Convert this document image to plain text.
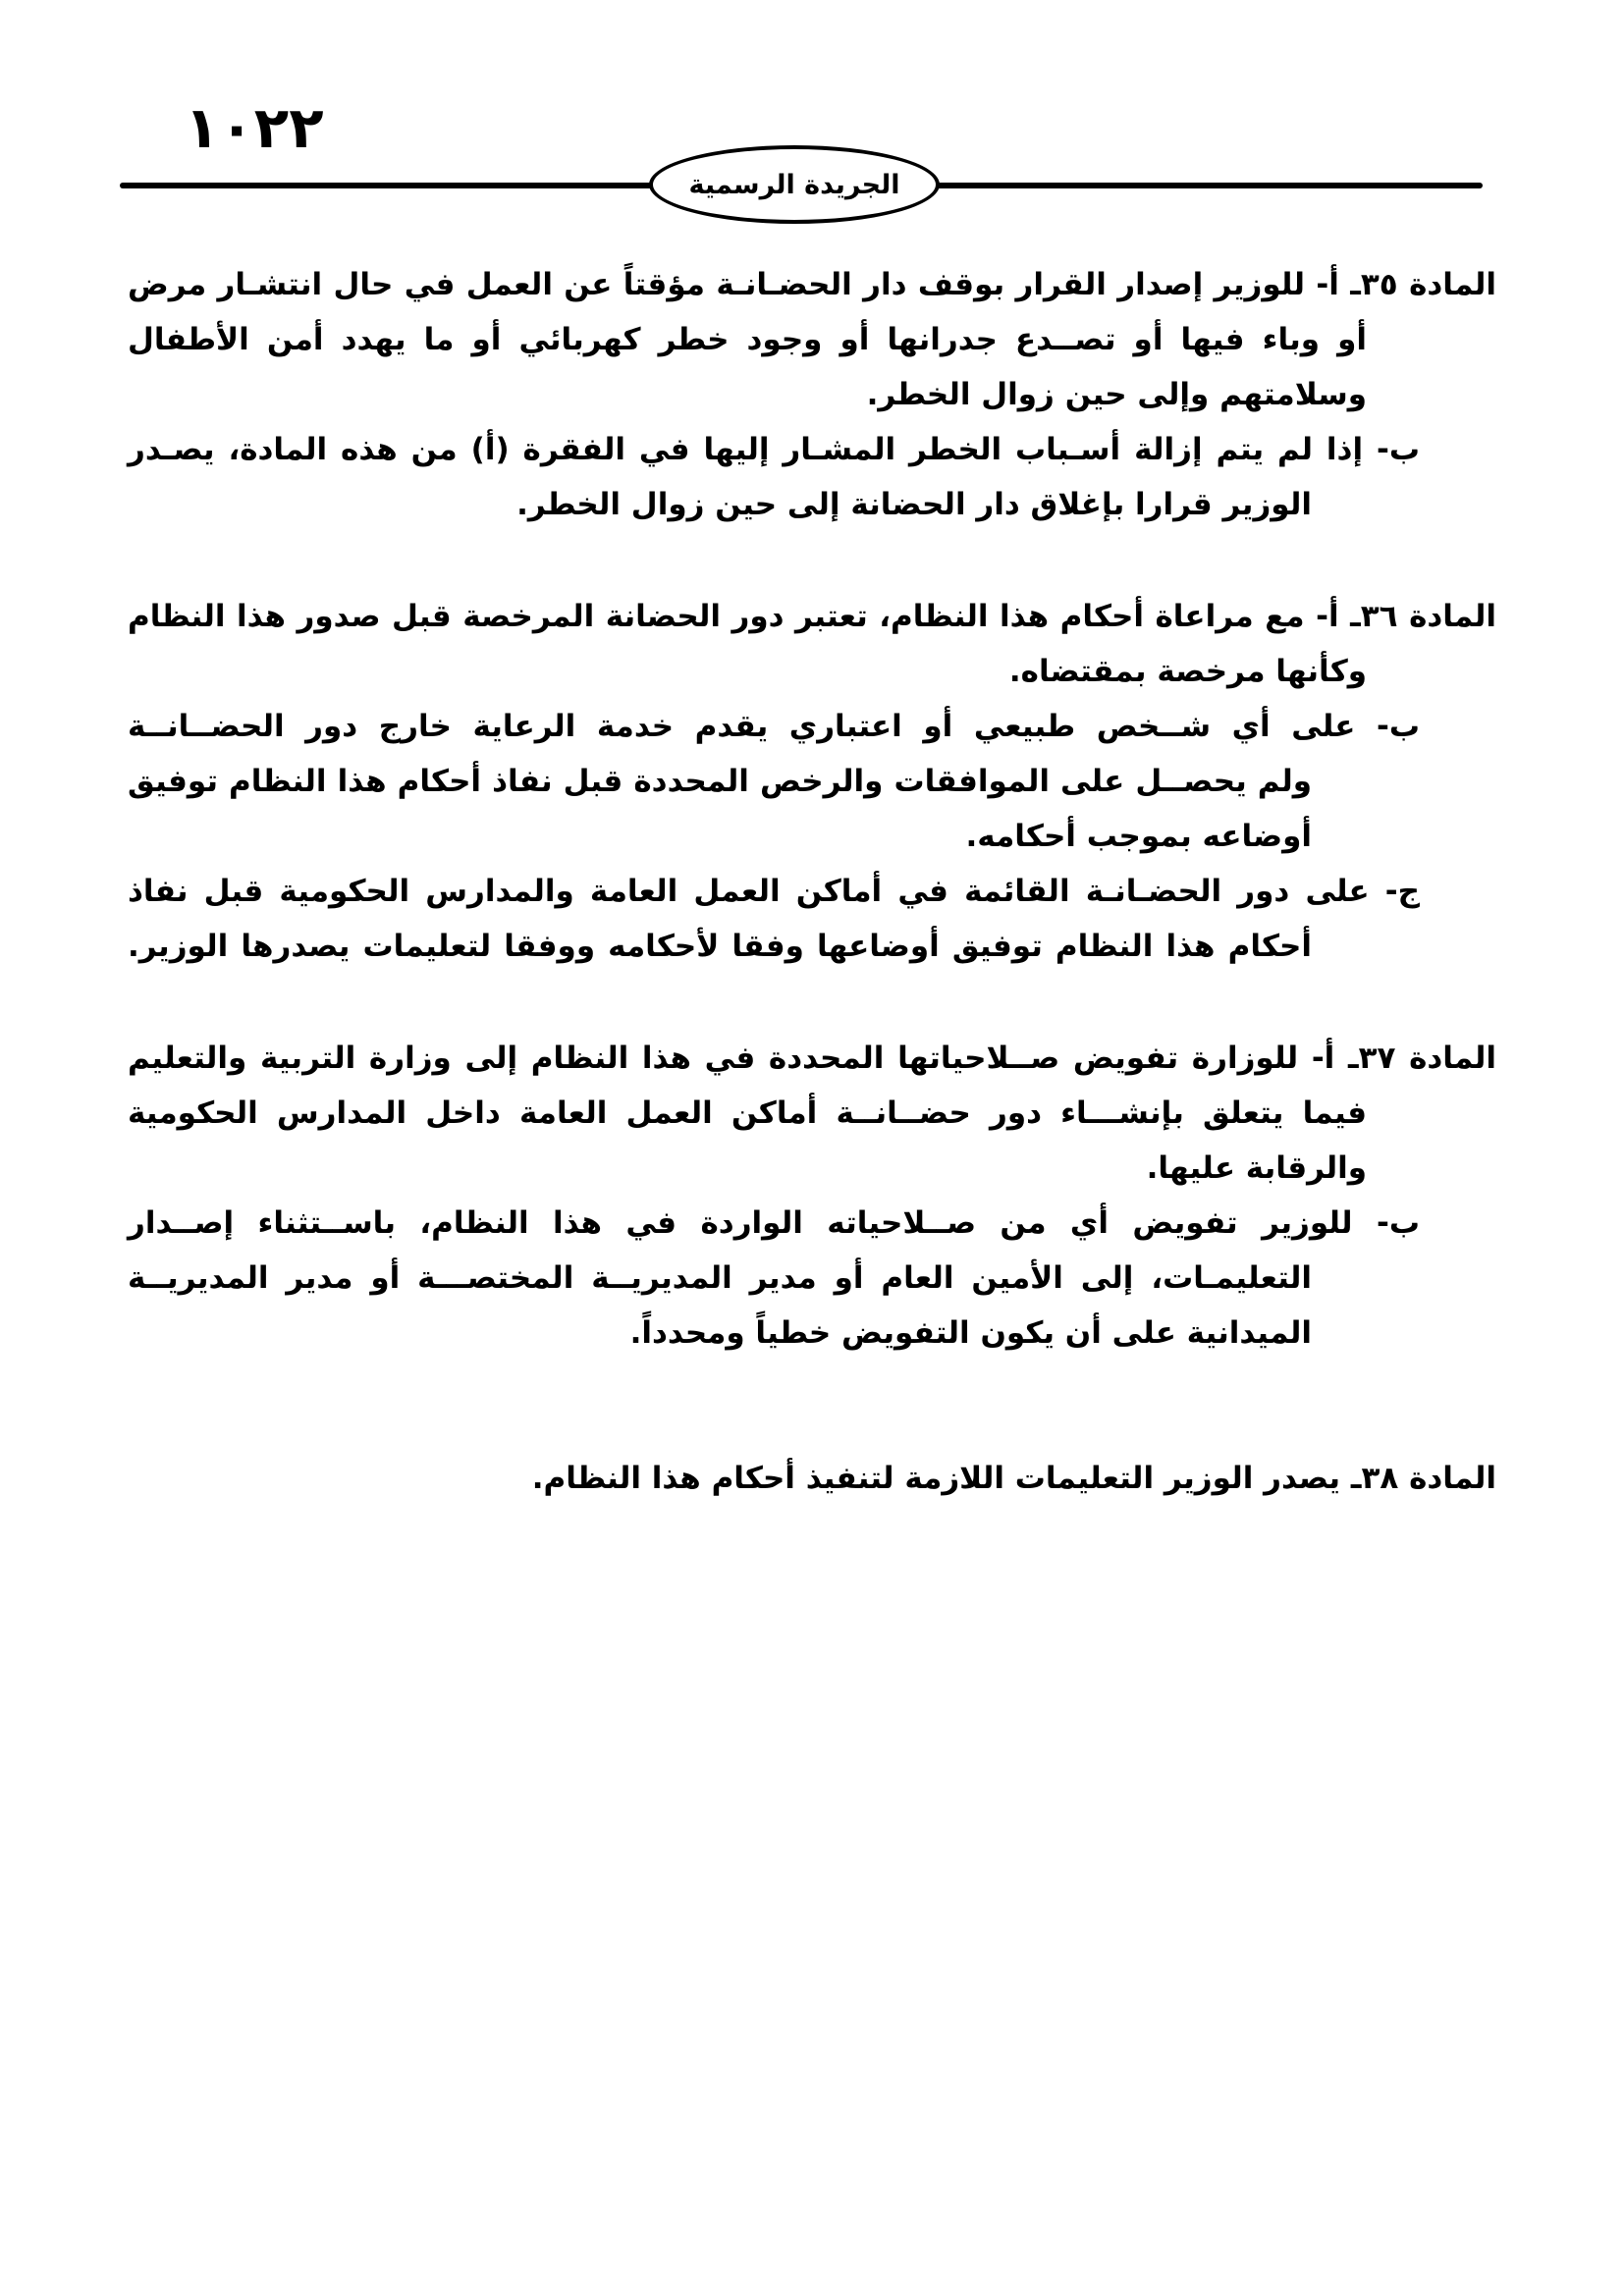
١٠٢٢
الجريدة الرسمية
المادة ٣٥ـ أ- للوزير إصدار القرار بوقف دار الحضـانـة مؤقتاً عن العمل في حال انتشـار مرض
أو وباء فيها أو تصــدع جدرانها أو وجود خطر كهربائي أو ما يهدد أمن الأطفال
وسلامتهم وإلى حين زوال الخطر.
ب- إذا لم يتم إزالة أسـباب الخطر المشـار إليها في الفقرة (أ) من هذه المادة، يصـدر
الوزير قرارا بإغلاق دار الحضانة إلى حين زوال الخطر.
المادة ٣٦ـ أ- مع مراعاة أحكام هذا النظام، تعتبر دور الحضانة المرخصة قبل صدور هذا النظام
وكأنها مرخصة بمقتضاه.
ب- على أي شــخص طبيعي أو اعتباري يقدم خدمة الرعاية خارج دور الحضــانــة
ولم يحصــل على الموافقات والرخص المحددة قبل نفاذ أحكام هذا النظام توفيق
أوضاعه بموجب أحكامه.
ج- على دور الحضـانـة القائمة في أماكن العمل العامة والمدارس الحكومية قبل نفاذ
أحكام هذا النظام توفيق أوضاعها وفقا لأحكامه ووفقا لتعليمات يصدرها الوزير.
المادة ٣٧ـ أ- للوزارة تفويض صــلاحياتها المحددة في هذا النظام إلى وزارة التربية والتعليم
فيما يتعلق بإنشـــاء دور حضــانــة أماكن العمل العامة داخل المدارس الحكومية
والرقابة عليها.
ب- للوزير تفويض أي من صــلاحياته الواردة في هذا النظام، باســتثناء إصــدار
التعليمـات، إلى الأمين العام أو مدير المديريــة المختصـــة أو مدير المديريــة
الميدانية على أن يكون التفويض خطياً ومحدداً.
المادة ٣٨ـ يصدر الوزير التعليمات اللازمة لتنفيذ أحكام هذا النظام.
